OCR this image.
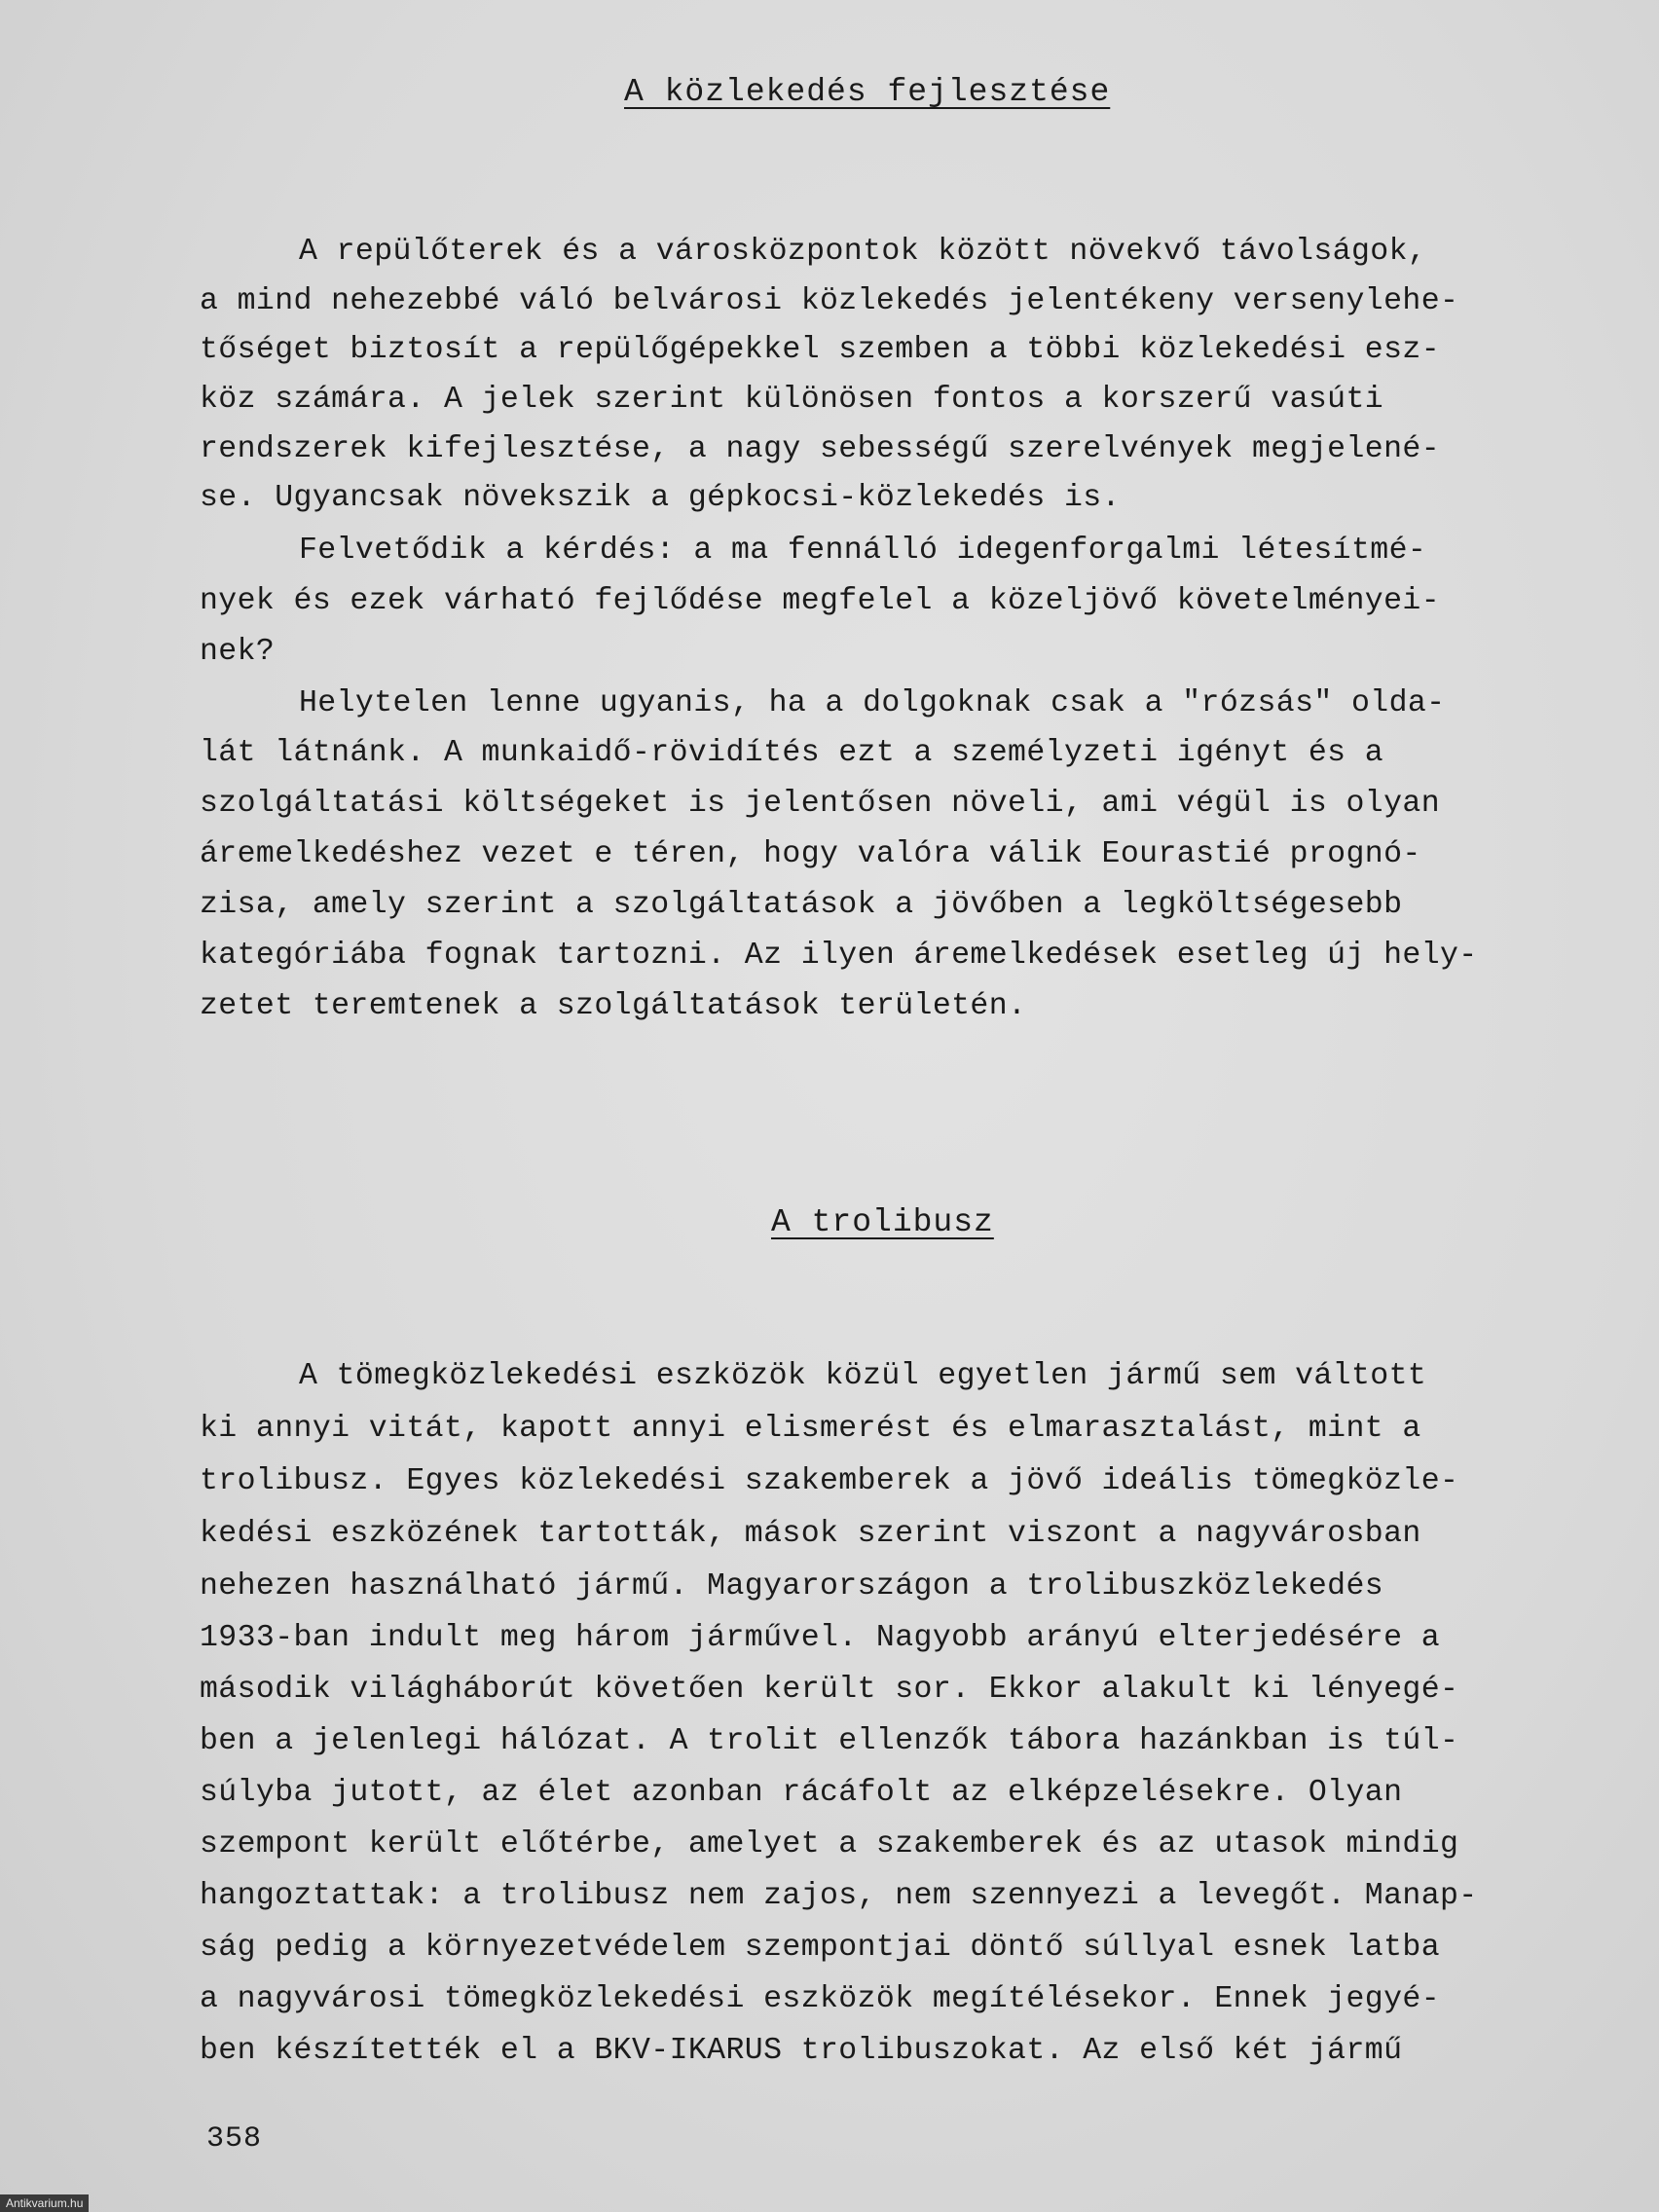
A közlekedés fejlesztése
A repülőterek és a városközpontok között növekvő távolságok,
a mind nehezebbé váló belvárosi közlekedés jelentékeny versenylehe-
tőséget biztosít a repülőgépekkel szemben a többi közlekedési esz-
köz számára. A jelek szerint különösen fontos a korszerű vasúti
rendszerek kifejlesztése, a nagy sebességű szerelvények megjelené-
se. Ugyancsak növekszik a gépkocsi-közlekedés is.
Felvetődik a kérdés: a ma fennálló idegenforgalmi létesítmé-
nyek és ezek várható fejlődése megfelel a közeljövő követelményei-
nek?
Helytelen lenne ugyanis, ha a dolgoknak csak a "rózsás" olda-
lát látnánk. A munkaidő-rövidítés ezt a személyzeti igényt és a
szolgáltatási költségeket is jelentősen növeli, ami végül is olyan
áremelkedéshez vezet e téren, hogy valóra válik Eourastié prognó-
zisa, amely szerint a szolgáltatások a jövőben a legköltségesebb
kategóriába fognak tartozni. Az ilyen áremelkedések esetleg új hely-
zetet teremtenek a szolgáltatások területén.
A trolibusz
A tömegközlekedési eszközök közül egyetlen jármű sem váltott
ki annyi vitát, kapott annyi elismerést és elmarasztalást, mint a
trolibusz. Egyes közlekedési szakemberek a jövő ideális tömegközle-
kedési eszközének tartották, mások szerint viszont a nagyvárosban
nehezen használható jármű. Magyarországon a trolibuszközlekedés
1933-ban indult meg három járművel. Nagyobb arányú elterjedésére a
második világháborút követően került sor. Ekkor alakult ki lényegé-
ben a jelenlegi hálózat. A trolit ellenzők tábora hazánkban is túl-
súlyba jutott, az élet azonban rácáfolt az elképzelésekre. Olyan
szempont került előtérbe, amelyet a szakemberek és az utasok mindig
hangoztattak: a trolibusz nem zajos, nem szennyezi a levegőt. Manap-
ság pedig a környezetvédelem szempontjai döntő súllyal esnek latba
a nagyvárosi tömegközlekedési eszközök megítélésekor. Ennek jegyé-
ben készítették el a BKV-IKARUS trolibuszokat. Az első két jármű
358
Antikvarium.hu
